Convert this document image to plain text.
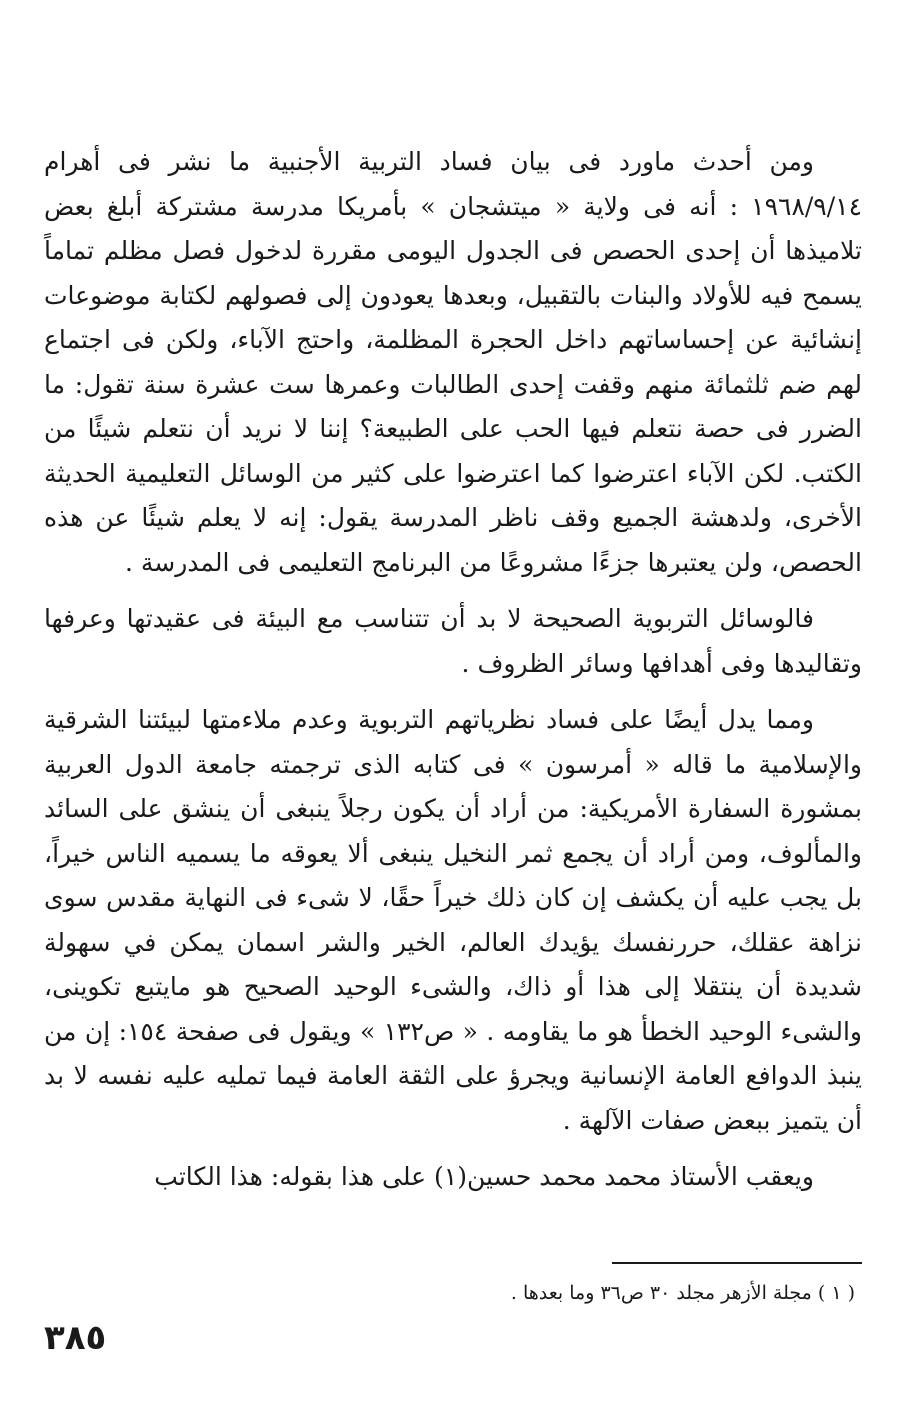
ومن أحدث ماورد فى بيان فساد التربية الأجنبية ما نشر فى أهرام ١٩٦٨/٩/١٤ : أنه فى ولاية « ميتشجان » بأمريكا مدرسة مشتركة أبلغ بعض تلاميذها أن إحدى الحصص فى الجدول اليومى مقررة لدخول فصل مظلم تماماً يسمح فيه للأولاد والبنات بالتقبيل، وبعدها يعودون إلى فصولهم لكتابة موضوعات إنشائية عن إحساساتهم داخل الحجرة المظلمة، واحتج الآباء، ولكن فى اجتماع لهم ضم ثلثمائة منهم وقفت إحدى الطالبات وعمرها ست عشرة سنة تقول: ما الضرر فى حصة نتعلم فيها الحب على الطبيعة؟ إننا لا نريد أن نتعلم شيئًا من الكتب. لكن الآباء اعترضوا كما اعترضوا على كثير من الوسائل التعليمية الحديثة الأخرى، ولدهشة الجميع وقف ناظر المدرسة يقول: إنه لا يعلم شيئًا عن هذه الحصص، ولن يعتبرها جزءًا مشروعًا من البرنامج التعليمى فى المدرسة .

فالوسائل التربوية الصحيحة لا بد أن تتناسب مع البيئة فى عقيدتها وعرفها وتقاليدها وفى أهدافها وسائر الظروف .

ومما يدل أيضًا على فساد نظرياتهم التربوية وعدم ملاءمتها لبيئتنا الشرقية والإسلامية ما قاله « أمرسون » فى كتابه الذى ترجمته جامعة الدول العربية بمشورة السفارة الأمريكية: من أراد أن يكون رجلاً ينبغى أن ينشق على السائد والمألوف، ومن أراد أن يجمع ثمر النخيل ينبغى ألا يعوقه ما يسميه الناس خيراً، بل يجب عليه أن يكشف إن كان ذلك خيراً حقًا، لا شىء فى النهاية مقدس سوى نزاهة عقلك، حررنفسك يؤيدك العالم، الخير والشر اسمان يمكن في سهولة شديدة أن ينتقلا إلى هذا أو ذاك، والشىء الوحيد الصحيح هو مايتبع تكوينى، والشىء الوحيد الخطأ هو ما يقاومه . « ص١٣٢ » ويقول فى صفحة ١٥٤: إن من ينبذ الدوافع العامة الإنسانية ويجرؤ على الثقة العامة فيما تمليه عليه نفسه لا بد أن يتميز ببعض صفات الآلهة .

ويعقب الأستاذ محمد محمد حسين(١) على هذا بقوله: هذا الكاتب

( ١ ) مجلة الأزهر مجلد ٣٠ ص٣٦ وما بعدها .
٣٨٥
